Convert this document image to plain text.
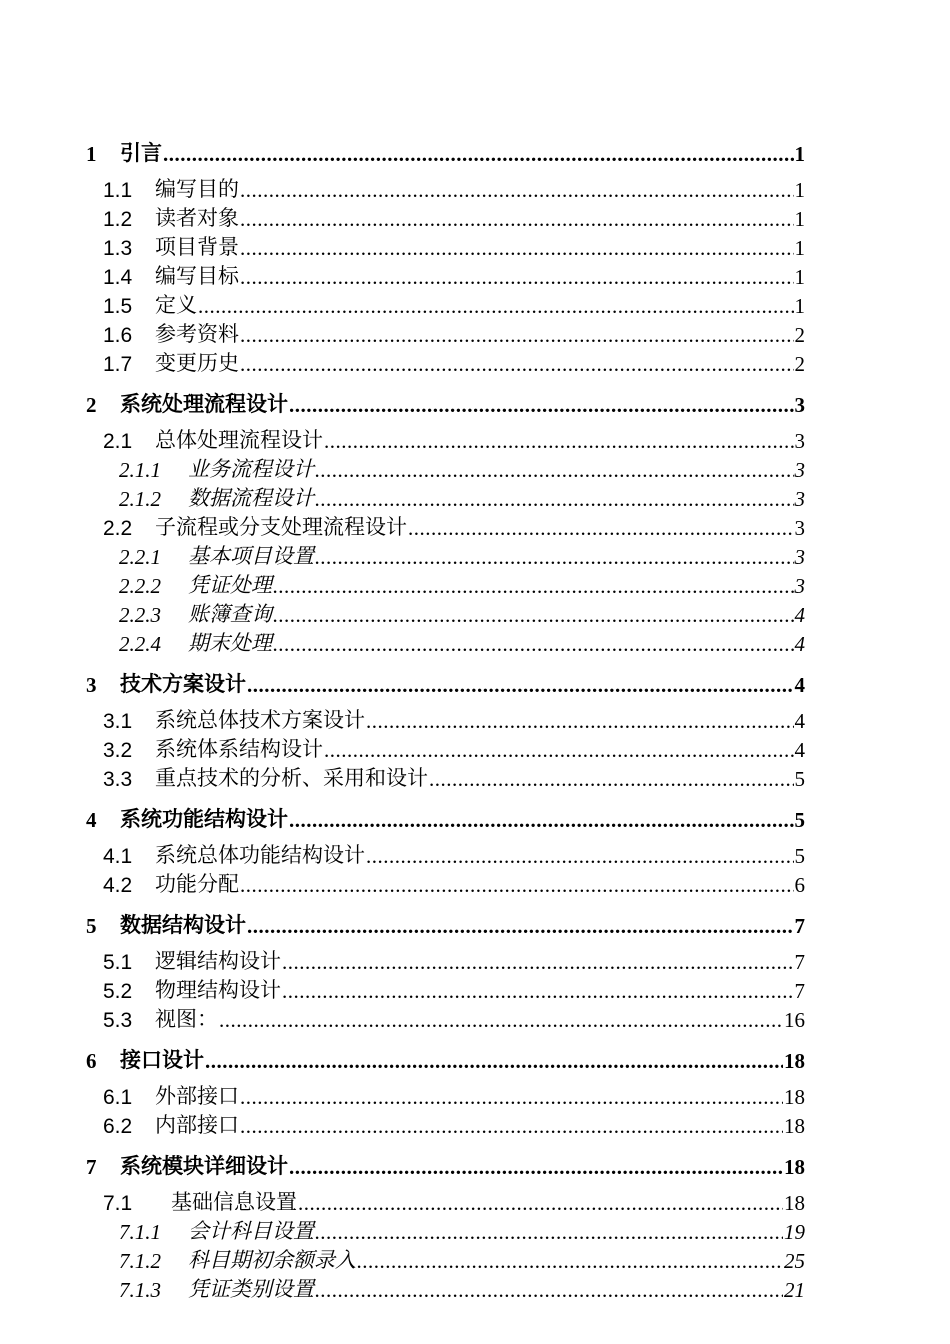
1	引言 .....	1
1.1	编写目的 .....	1
1.2	读者对象 .....	1
1.3	项目背景 .....	1
1.4	编写目标 .....	1
1.5	定义 .....	1
1.6	参考资料 .....	2
1.7	变更历史 .....	2
2	系统处理流程设计 .....	3
2.1	总体处理流程设计 .....	3
2.1.1	业务流程设计 .....	3
2.1.2	数据流程设计 .....	3
2.2	子流程或分支处理流程设计 .....	3
2.2.1	基本项目设置 .....	3
2.2.2	凭证处理 .....	3
2.2.3	账簿查询 .....	4
2.2.4	期末处理 .....	4
3	技术方案设计 .....	4
3.1	系统总体技术方案设计 .....	4
3.2	系统体系结构设计 .....	4
3.3	重点技术的分析、采用和设计 .....	5
4	系统功能结构设计 .....	5
4.1	系统总体功能结构设计 .....	5
4.2	功能分配 .....	6
5	数据结构设计 .....	7
5.1	逻辑结构设计 .....	7
5.2	物理结构设计 .....	7
5.3	视图： .....	16
6	接口设计 .....	18
6.1	外部接口 .....	18
6.2	内部接口 .....	18
7	系统模块详细设计 .....	18
7.1	基础信息设置 .....	18
7.1.1	会计科目设置 .....	19
7.1.2	科目期初余额录入 .....	25
7.1.3	凭证类别设置 .....	21
